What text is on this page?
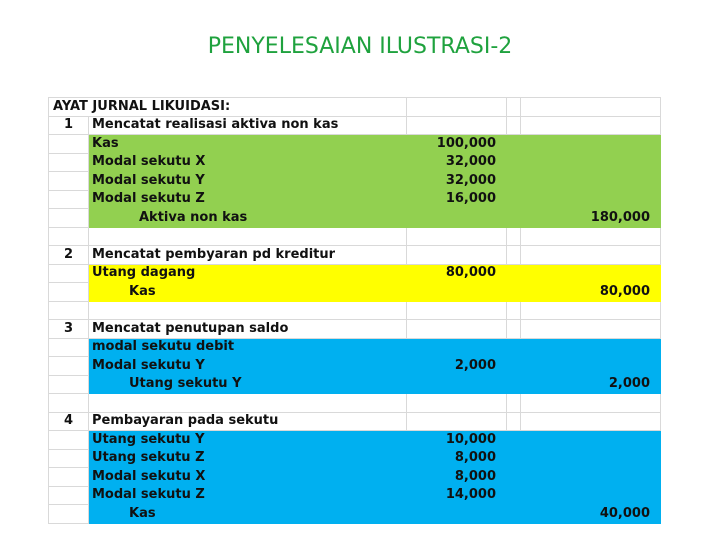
PENYELESAIAN ILUSTRASI-2
AYAT JURNAL LIKUIDASI:				
1	Mencatat realisasi aktiva non kas			
	Kas	100,000		
	Modal sekutu X	32,000		
	Modal sekutu Y	32,000		
	Modal sekutu Z	16,000		
	Aktiva non kas			180,000

2	Mencatat pembyaran pd kreditur			
	Utang dagang	80,000		
	Kas			80,000

3	Mencatat penutupan saldo			
	modal sekutu debit			
	Modal sekutu Y	2,000		
	Utang sekutu Y			2,000

4	Pembayaran pada sekutu			
	Utang sekutu Y	10,000		
	Utang sekutu Z	8,000		
	Modal sekutu X	8,000		
	Modal sekutu Z	14,000		
	Kas			40,000
